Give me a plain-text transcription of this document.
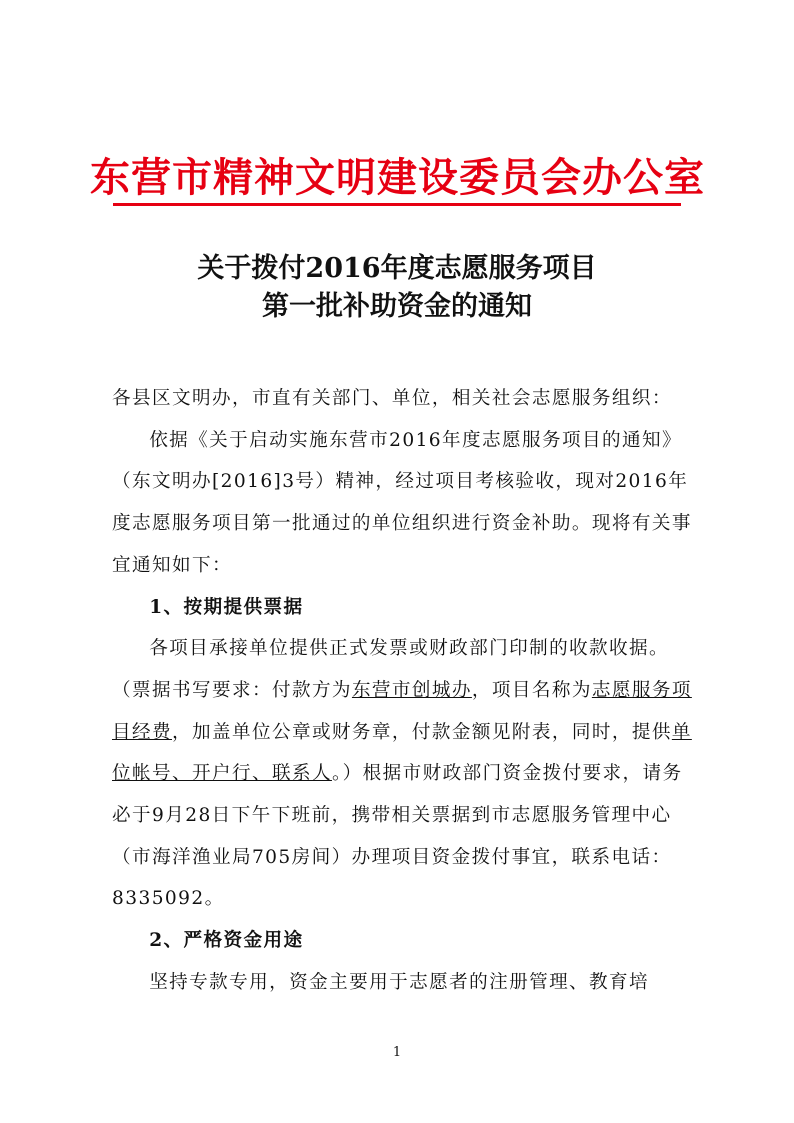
东营市精神文明建设委员会办公室
关于拨付2016年度志愿服务项目
第一批补助资金的通知

各县区文明办，市直有关部门、单位，相关社会志愿服务组织：

依据《关于启动实施东营市2016年度志愿服务项目的通知》（东文明办[2016]3号）精神，经过项目考核验收，现对2016年度志愿服务项目第一批通过的单位组织进行资金补助。现将有关事宜通知如下：

1、按期提供票据

各项目承接单位提供正式发票或财政部门印制的收款收据。（票据书写要求：付款方为东营市创城办，项目名称为志愿服务项目经费，加盖单位公章或财务章，付款金额见附表，同时，提供单位帐号、开户行、联系人。）根据市财政部门资金拨付要求，请务必于9月28日下午下班前，携带相关票据到市志愿服务管理中心（市海洋渔业局705房间）办理项目资金拨付事宜，联系电话：8335092。

2、严格资金用途

坚持专款专用，资金主要用于志愿者的注册管理、教育培

1
